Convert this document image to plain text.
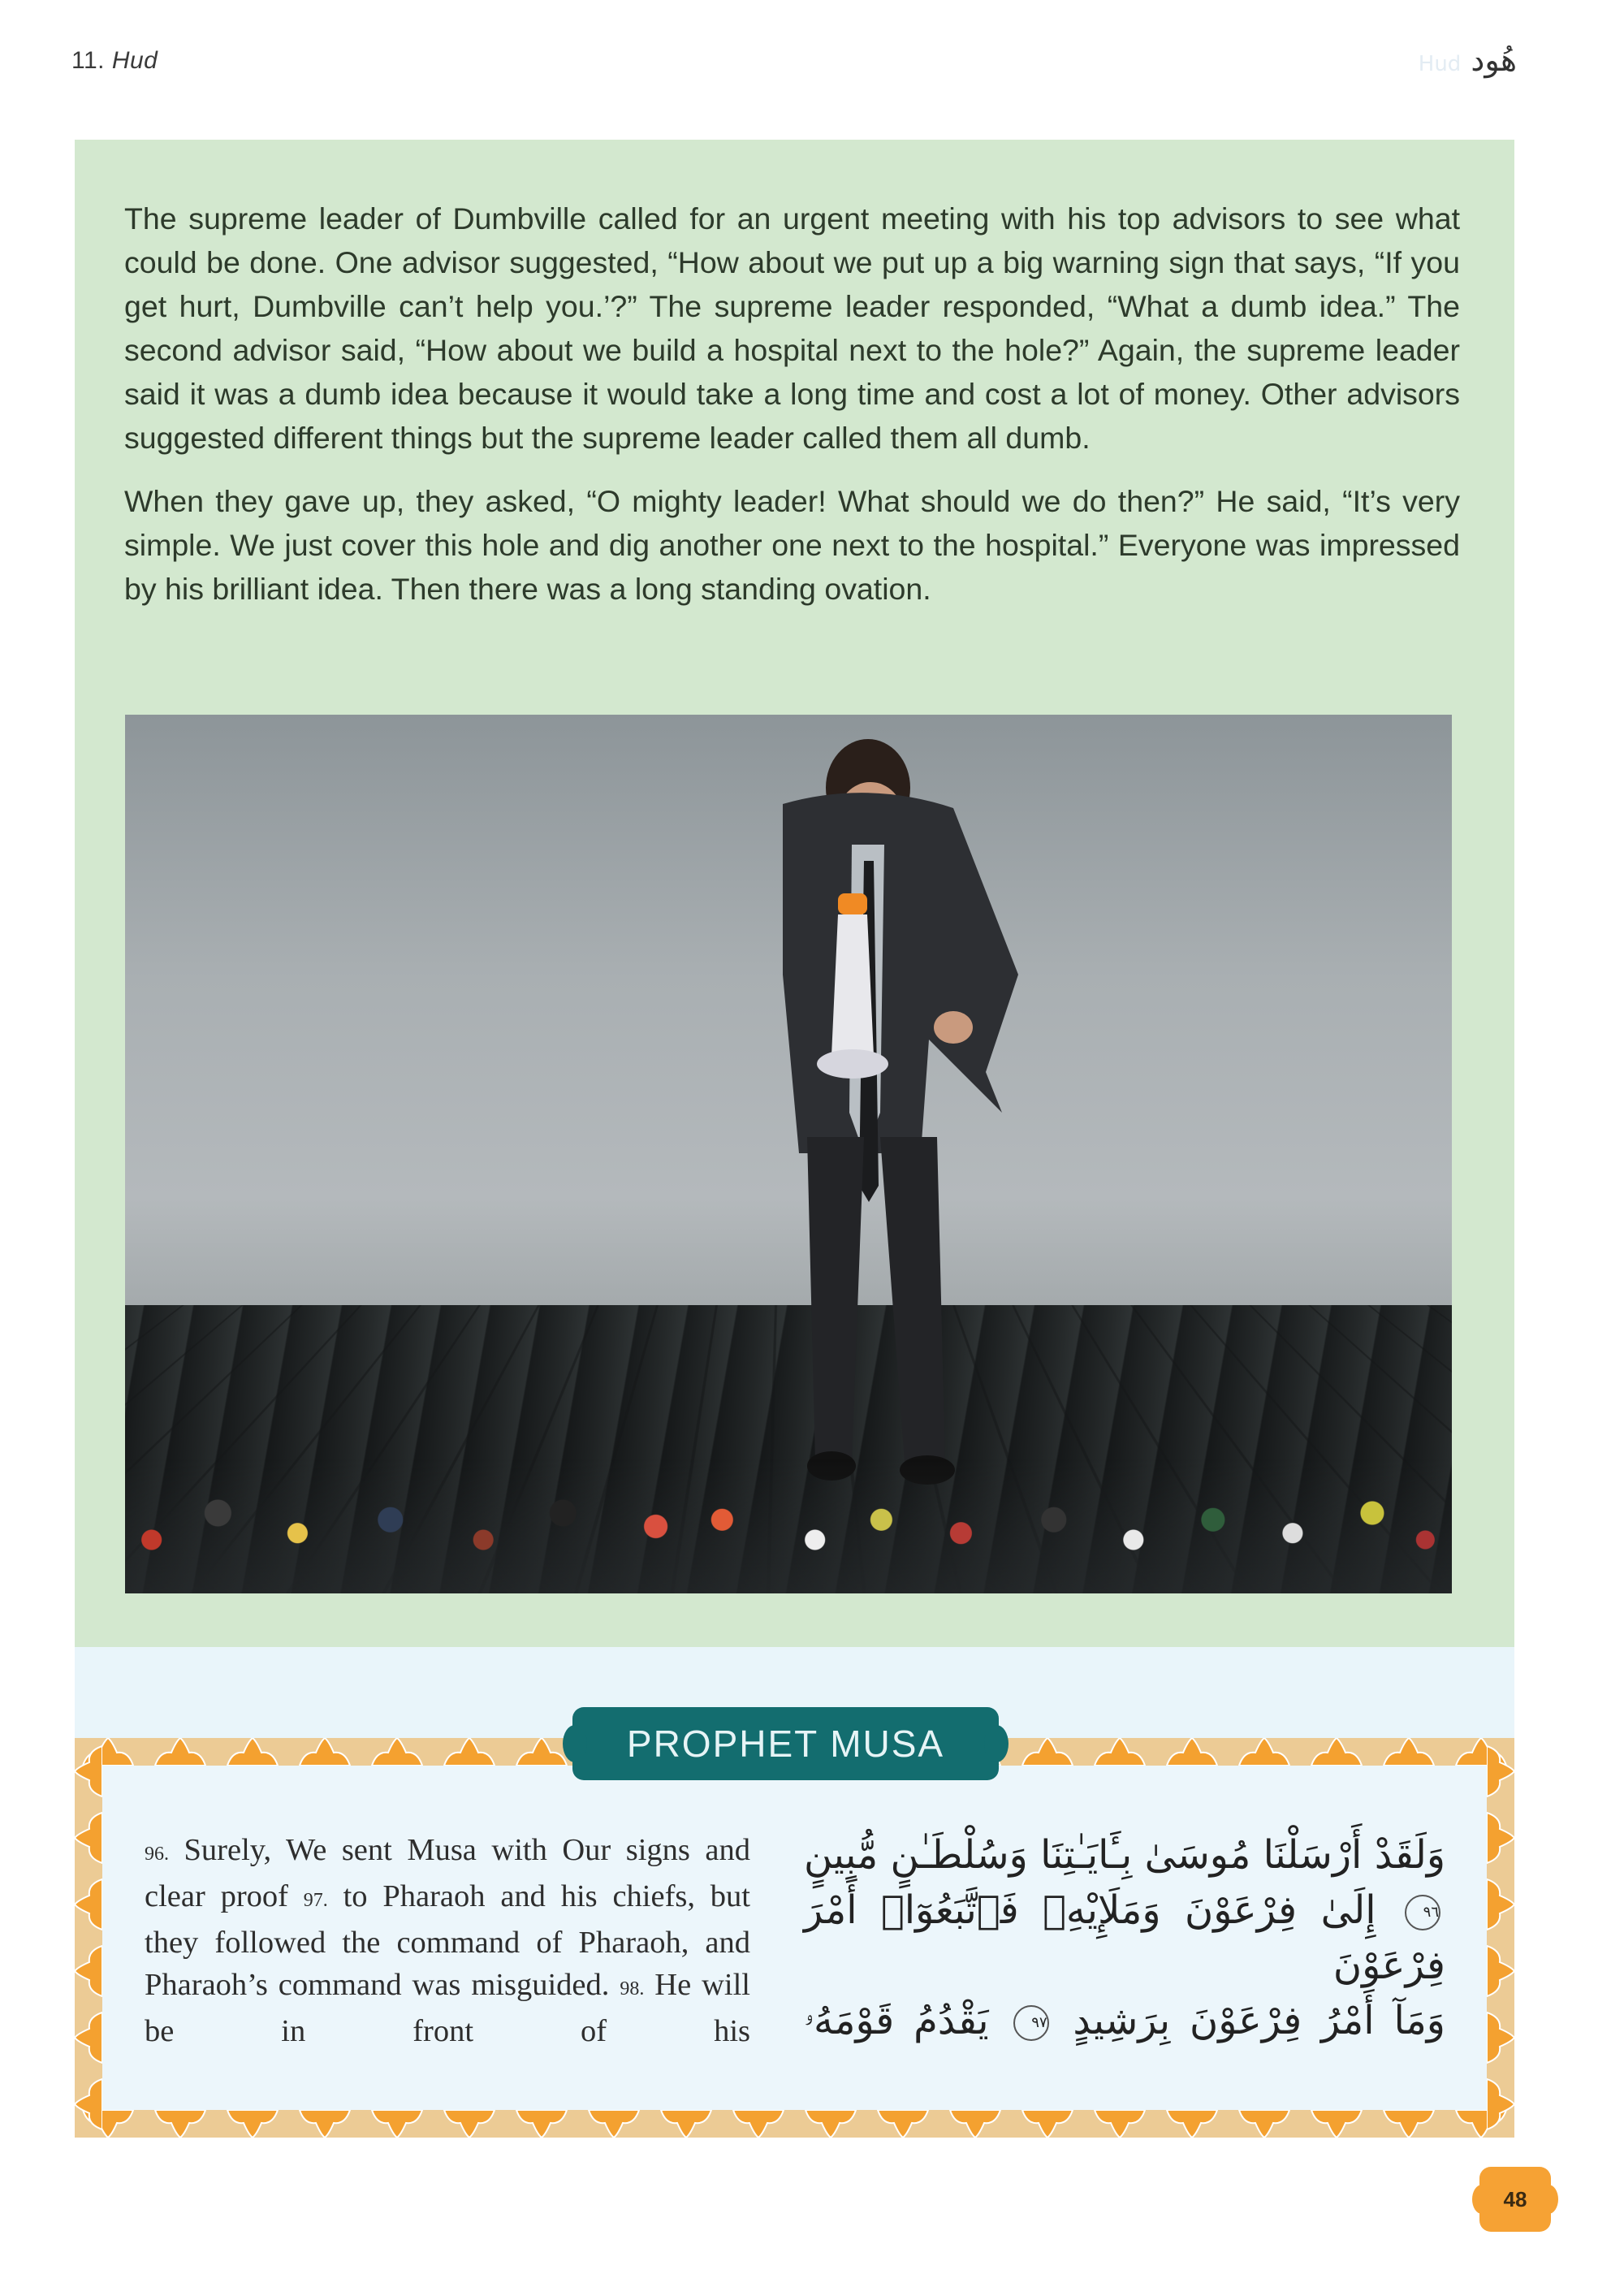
11. Hud	هُود Hud

The supreme leader of Dumbville called for an urgent meeting with his top advisors to see what could be done. One advisor suggested, “How about we put up a big warning sign that says, “If you get hurt, Dumbville can’t help you.’?” The supreme leader responded, “What a dumb idea.” The second advisor said, “How about we build a hospital next to the hole?” Again, the supreme leader said it was a dumb idea because it would take a long time and cost a lot of money. Other advisors suggested different things but the supreme leader called them all dumb.

When they gave up, they asked, “O mighty leader! What should we do then?” He said, “It’s very simple. We just cover this hole and dig another one next to the hospital.” Everyone was impressed by his brilliant idea. Then there was a long standing ovation.

PROPHET MUSA
96. Surely, We sent Musa with Our signs and clear proof 97. to Pharaoh and his chiefs, but they followed the command of Pharaoh, and Pharaoh’s command was misguided. 98. He will be in front of his
وَلَقَدْ أَرْسَلْنَا مُوسَىٰ بِـَٔايَـٰتِنَا وَسُلْطَـٰنٍ مُّبِينٍ
٩٦ إِلَىٰ فِرْعَوْنَ وَمَلَإِيْهِۦ فَٱتَّبَعُوٓا۟ أَمْرَ فِرْعَوْنَ
وَمَآ أَمْرُ فِرْعَوْنَ بِرَشِيدٍ ٩٧ يَقْدُمُ قَوْمَهُۥ
48
